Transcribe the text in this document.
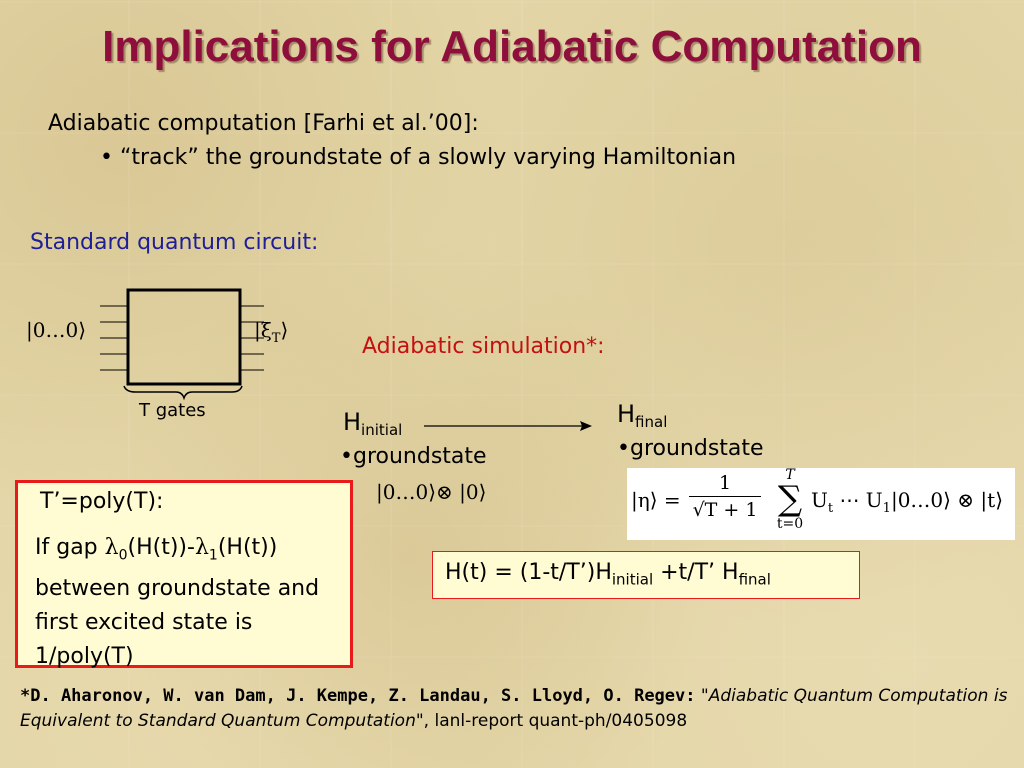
Implications for Adiabatic Computation
Adiabatic computation [Farhi et al.’00]:
• “track” the groundstate of a slowly varying Hamiltonian
Standard quantum circuit:
|0…0⟩	$|\xi_T⟩$
T gates
Adiabatic simulation*:
$H_{initial}$
$H_{final}$
•groundstate	•groundstate
|0…0⟩⊗ |0⟩	|η⟩ =
1
√T + 1
T
∑
t=0
$U_t$ ⋯ $U_1|0\dots 0⟩$ ⊗ |t⟩
T’=poly(T):
If gap $\lambda_0(H(t))-\lambda_1(H(t))$ between groundstate and first excited state is 1/poly(T)
$H(t) = (1-t/T’)H_{initial} +t/T$’ $H_{final}$
*D. Aharonov, W. van Dam, J. Kempe, Z. Landau, S. Lloyd, O. Regev: "Adiabatic Quantum Computation is Equivalent to Standard Quantum Computation", lanl-report quant-ph/0405098
